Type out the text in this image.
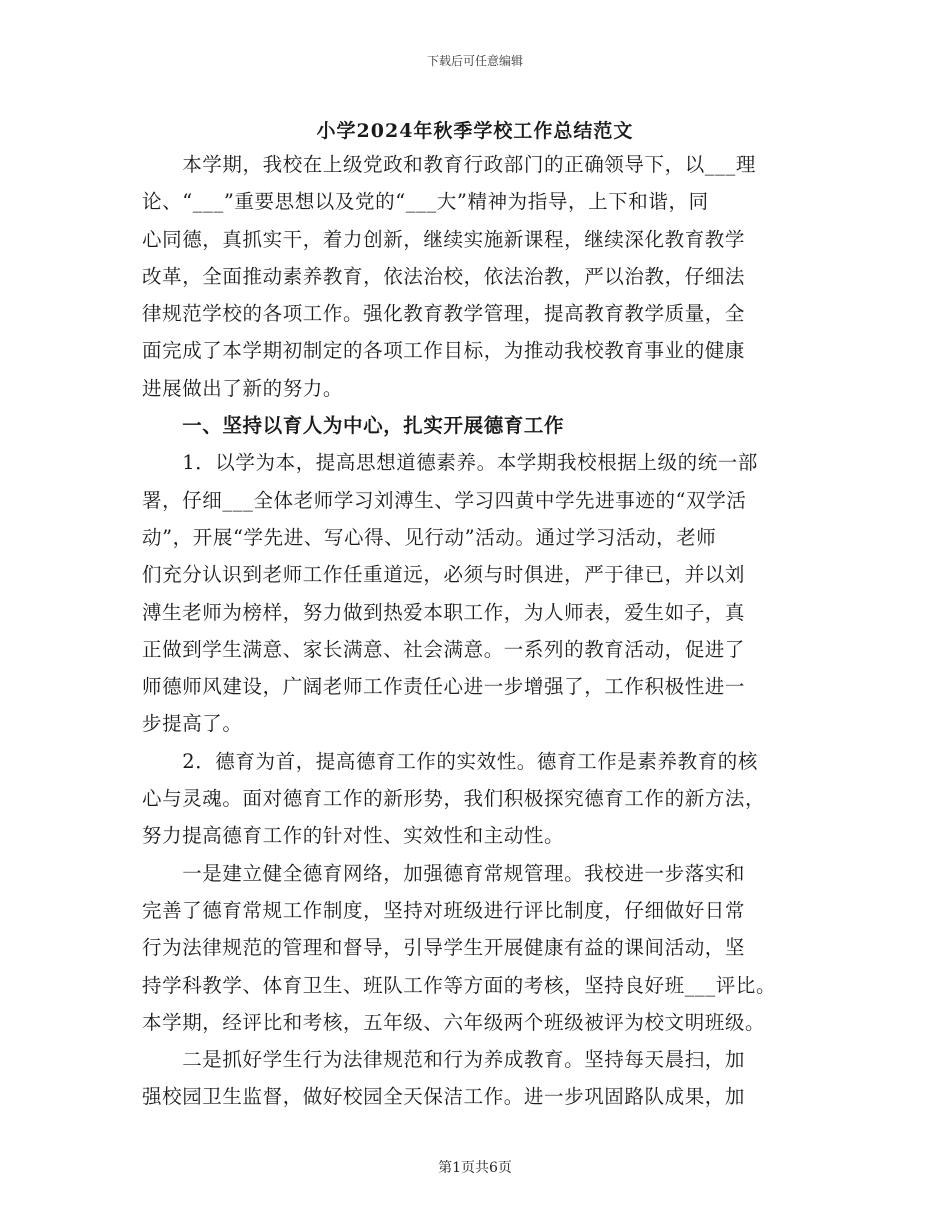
下载后可任意编辑
小学2024年秋季学校工作总结范文
　　本学期，我校在上级党政和教育行政部门的正确领导下，以___理
论、“___”重要思想以及党的“___大”精神为指导，上下和谐，同
心同德，真抓实干，着力创新，继续实施新课程，继续深化教育教学
改革，全面推动素养教育，依法治校，依法治教，严以治教，仔细法
律规范学校的各项工作。强化教育教学管理，提高教育教学质量，全
面完成了本学期初制定的各项工作目标，为推动我校教育事业的健康
进展做出了新的努力。
　　一、坚持以育人为中心，扎实开展德育工作
　　1．以学为本，提高思想道德素养。本学期我校根据上级的统一部
署，仔细___全体老师学习刘溥生、学习四黄中学先进事迹的“双学活
动”，开展“学先进、写心得、见行动”活动。通过学习活动，老师
们充分认识到老师工作任重道远，必须与时俱进，严于律已，并以刘
溥生老师为榜样，努力做到热爱本职工作，为人师表，爱生如子，真
正做到学生满意、家长满意、社会满意。一系列的教育活动，促进了
师德师风建设，广阔老师工作责任心进一步增强了，工作积极性进一
步提高了。
　　2．德育为首，提高德育工作的实效性。德育工作是素养教育的核
心与灵魂。面对德育工作的新形势，我们积极探究德育工作的新方法，
努力提高德育工作的针对性、实效性和主动性。
　　一是建立健全德育网络，加强德育常规管理。我校进一步落实和
完善了德育常规工作制度，坚持对班级进行评比制度，仔细做好日常
行为法律规范的管理和督导，引导学生开展健康有益的课间活动，坚
持学科教学、体育卫生、班队工作等方面的考核，坚持良好班___评比。
本学期，经评比和考核，五年级、六年级两个班级被评为校文明班级。
　　二是抓好学生行为法律规范和行为养成教育。坚持每天晨扫，加
强校园卫生监督，做好校园全天保洁工作。进一步巩固路队成果，加
第1页共6页
